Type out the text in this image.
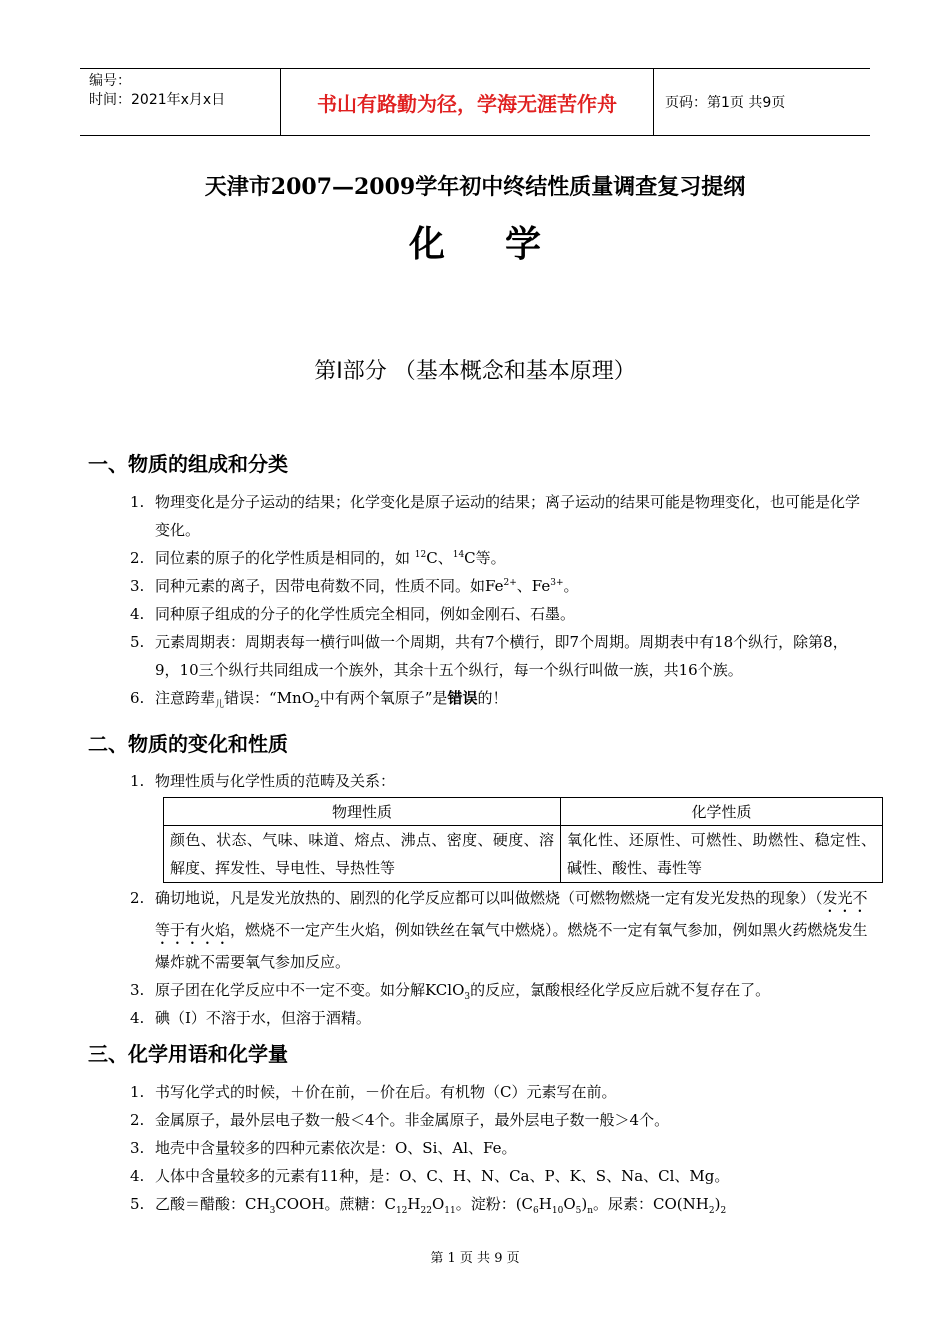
编号：
时间：2021年x月x日	书山有路勤为径，学海无涯苦作舟	页码：第1页 共9页
天津市2007—2009学年初中终结性质量调查复习提纲
化学
第Ⅰ部分 （基本概念和基本原理）
一、物质的组成和分类
1. 物理变化是分子运动的结果；化学变化是原子运动的结果；离子运动的结果可能是物理变化，也可能是化学变化。
2. 同位素的原子的化学性质是相同的，如 $^{12}$C、$^{14}$C等。
3. 同种元素的离子，因带电荷数不同，性质不同。如$Fe^{2+}$、$Fe^{3+}$。
4. 同种原子组成的分子的化学性质完全相同，例如金刚石、石墨。
5. 元素周期表：周期表每一横行叫做一个周期，共有7个横行，即7个周期。周期表中有18个纵行，除第8，9，10三个纵行共同组成一个族外，其余十五个纵行，每一个纵行叫做一族，共16个族。
6. 注意跨辈$_儿$错误：“MnO$_2$中有两个氧原子”是错误的！
二、物质的变化和性质
1. 物理性质与化学性质的范畴及关系：
物理性质	化学性质
颜色、状态、气味、味道、熔点、沸点、密度、硬度、溶解度、挥发性、导电性、导热性等	氧化性、还原性、可燃性、助燃性、稳定性、碱性、酸性、毒性等
2. 确切地说，凡是发光放热的、剧烈的化学反应都可以叫做燃烧（可燃物燃烧一定有发光发热的现象）（发光不等于有火焰，燃烧不一定产生火焰，例如铁丝在氧气中燃烧）。燃烧不一定有氧气参加，例如黑火药燃烧发生爆炸就不需要氧气参加反应。
3. 原子团在化学反应中不一定不变。如分解KClO$_3$的反应，氯酸根经化学反应后就不复存在了。
4. 碘（I）不溶于水，但溶于酒精。
三、化学用语和化学量
1. 书写化学式的时候，＋价在前，－价在后。有机物（C）元素写在前。
2. 金属原子，最外层电子数一般＜4个。非金属原子，最外层电子数一般＞4个。
3. 地壳中含量较多的四种元素依次是：O、Si、Al、Fe。
4. 人体中含量较多的元素有11种，是：O、C、H、N、Ca、P、K、S、Na、Cl、Mg。
5. 乙酸＝醋酸：$CH_3COOH$。蔗糖：$C_{12}H_{22}O_{11}$。淀粉：$(C_6H_{10}O_5)_n$。尿素：$CO(NH_2)_2$
第 1 页 共 9 页
